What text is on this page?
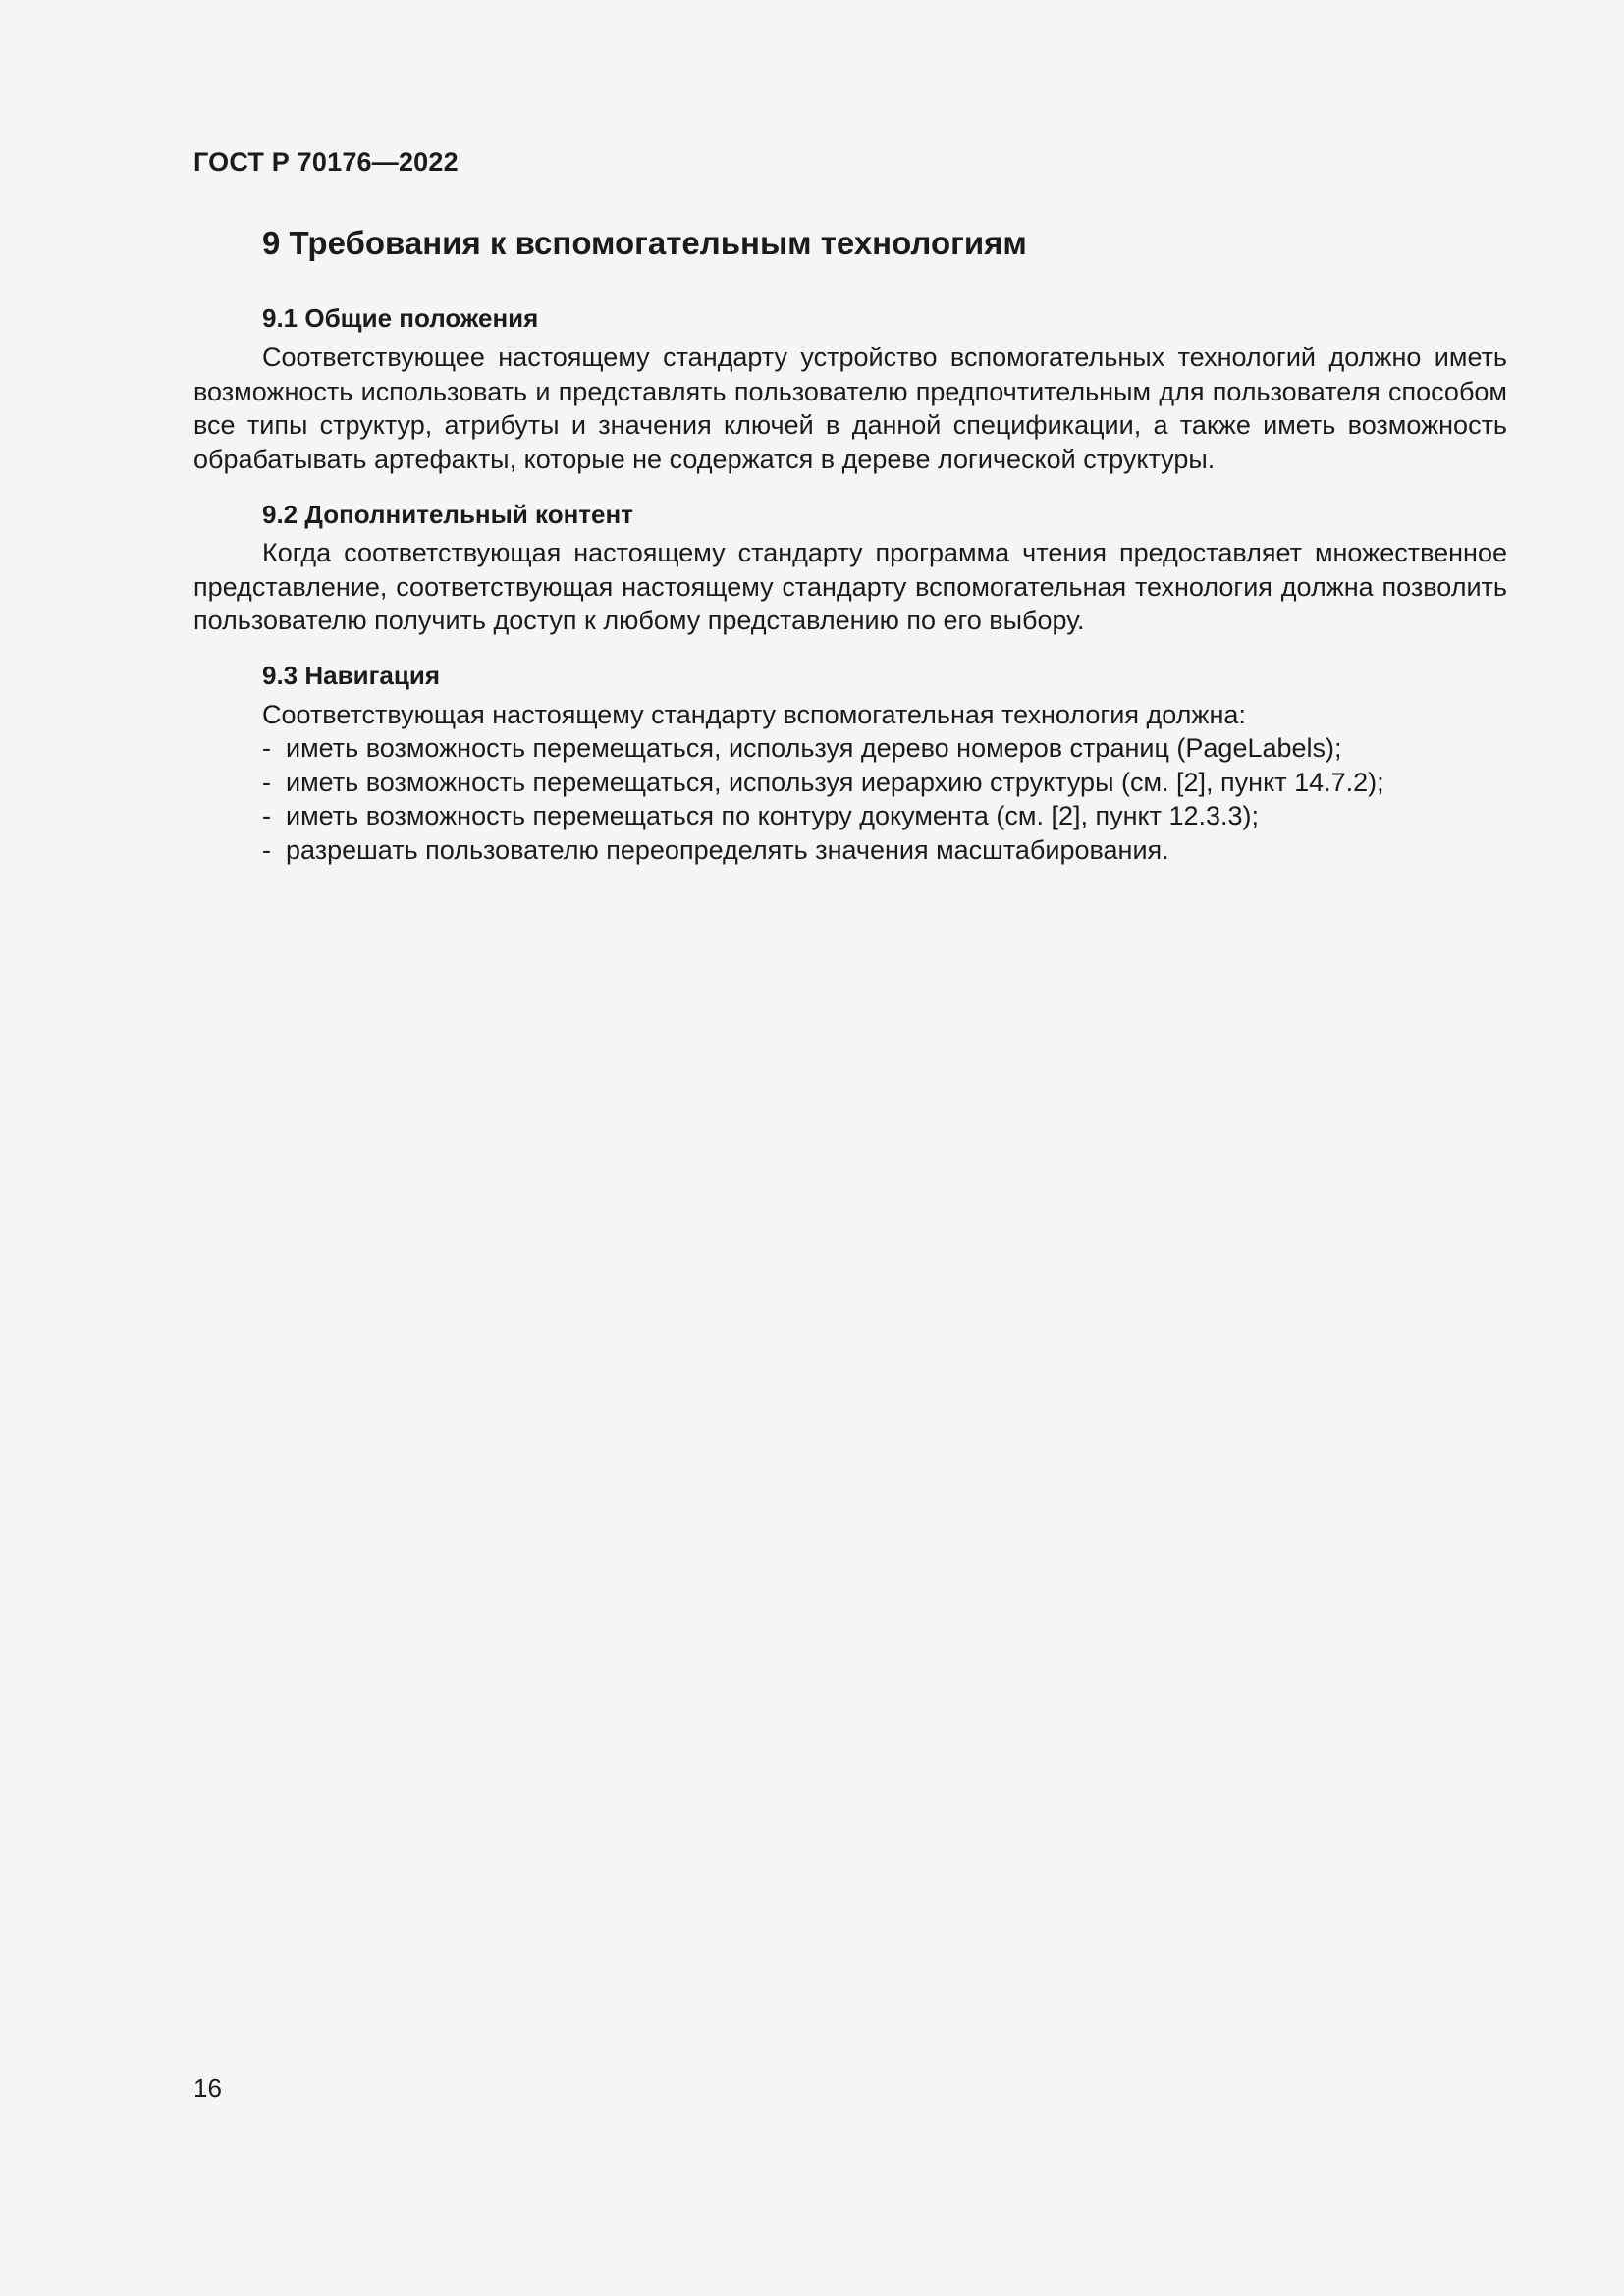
ГОСТ Р 70176—2022
9 Требования к вспомогательным технологиям
9.1 Общие положения

Соответствующее настоящему стандарту устройство вспомогательных технологий должно иметь возможность использовать и представлять пользователю предпочтительным для пользователя способом все типы структур, атрибуты и значения ключей в данной спецификации, а также иметь возможность обрабатывать артефакты, которые не содержатся в дереве логической структуры.

9.2 Дополнительный контент

Когда соответствующая настоящему стандарту программа чтения предоставляет множественное представление, соответствующая настоящему стандарту вспомогательная технология должна позволить пользователю получить доступ к любому представлению по его выбору.

9.3 Навигация

Соответствующая настоящему стандарту вспомогательная технология должна:

- иметь возможность перемещаться, используя дерево номеров страниц (PageLabels);
- иметь возможность перемещаться, используя иерархию структуры (см. [2], пункт 14.7.2);
- иметь возможность перемещаться по контуру документа (см. [2], пункт 12.3.3);
- разрешать пользователю переопределять значения масштабирования.
16
